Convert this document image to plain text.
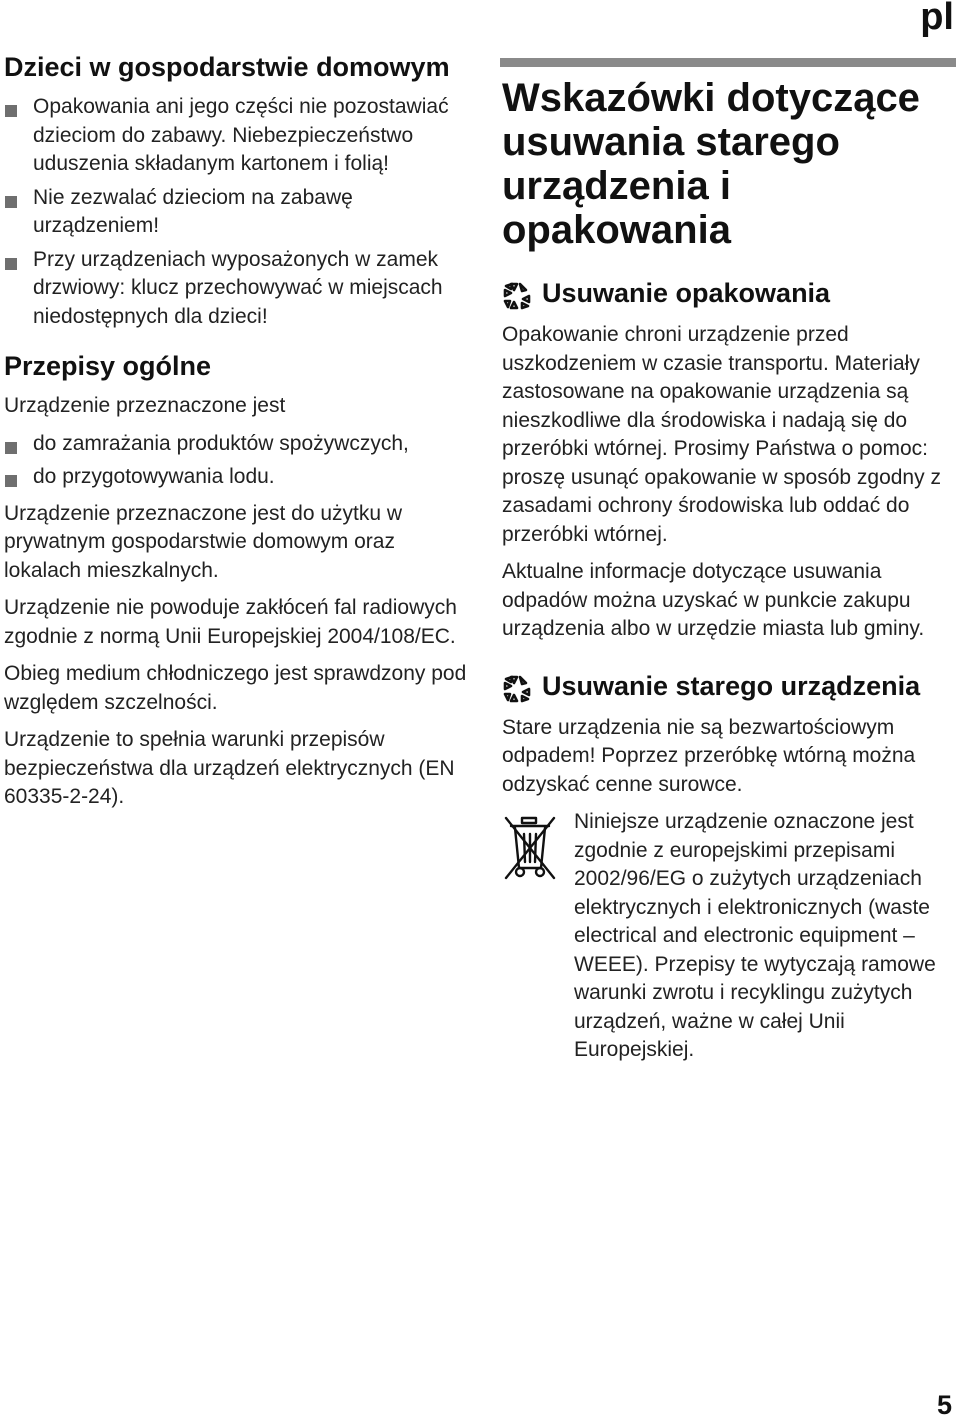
pl
Dzieci w gospodarstwie domowym
Opakowania ani jego części nie pozostawiać dzieciom do zabawy. Niebezpieczeństwo uduszenia składanym kartonem i folią!
Nie zezwalać dzieciom na zabawę urządzeniem!
Przy urządzeniach wyposażonych w zamek drzwiowy: klucz przechowywać w miejscach niedostępnych dla dzieci!
Przepisy ogólne

Urządzenie przeznaczone jest

do zamrażania produktów spożywczych,
do przygotowywania lodu.

Urządzenie przeznaczone jest do użytku w prywatnym gospodarstwie domowym oraz lokalach mieszkalnych.

Urządzenie nie powoduje zakłóceń fal radiowych zgodnie z normą Unii Europejskiej 2004/108/EC.

Obieg medium chłodniczego jest sprawdzony pod względem szczelności.

Urządzenie to spełnia warunki przepisów bezpieczeństwa dla urządzeń elektrycznych (EN 60335-2-24).

Wskazówki dotyczące usuwania starego urządzenia i opakowania
Usuwanie opakowania

Opakowanie chroni urządzenie przed uszkodzeniem w czasie transportu. Materiały zastosowane na opakowanie urządzenia są nieszkodliwe dla środowiska i nadają się do przeróbki wtórnej. Prosimy Państwa o pomoc: proszę usunąć opakowanie w sposób zgodny z zasadami ochrony środowiska lub oddać do przeróbki wtórnej.

Aktualne informacje dotyczące usuwania odpadów można uzyskać w punkcie zakupu urządzenia albo w urzędzie miasta lub gminy.

Usuwanie starego urządzenia

Stare urządzenia nie są bezwartościowym odpadem! Poprzez przeróbkę wtórną można odzyskać cenne surowce.

Niniejsze urządzenie oznaczone jest zgodnie z europejskimi przepisami 2002/96/EG o zużytych urządzeniach elektrycznych i elektronicznych (waste electrical and electronic equipment – WEEE). Przepisy te wytyczają ramowe warunki zwrotu i recyklingu zużytych urządzeń, ważne w całej Unii Europejskiej.

5
